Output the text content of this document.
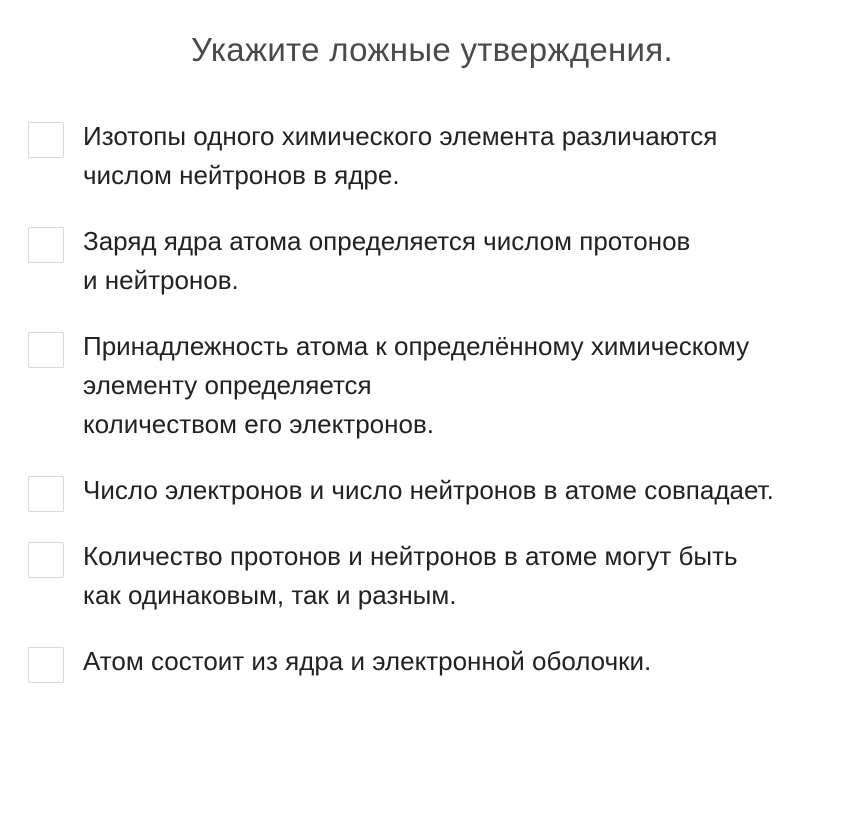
Укажите ложные утверждения.
Изотопы одного химического элемента различаются
числом нейтронов в ядре.
Заряд ядра атома определяется числом протонов
и нейтронов.
Принадлежность атома к определённому химическому
элементу определяется
количеством его электронов.
Число электронов и число нейтронов в атоме совпадает.
Количество протонов и нейтронов в атоме могут быть
как одинаковым, так и разным.
Атом состоит из ядра и электронной оболочки.
